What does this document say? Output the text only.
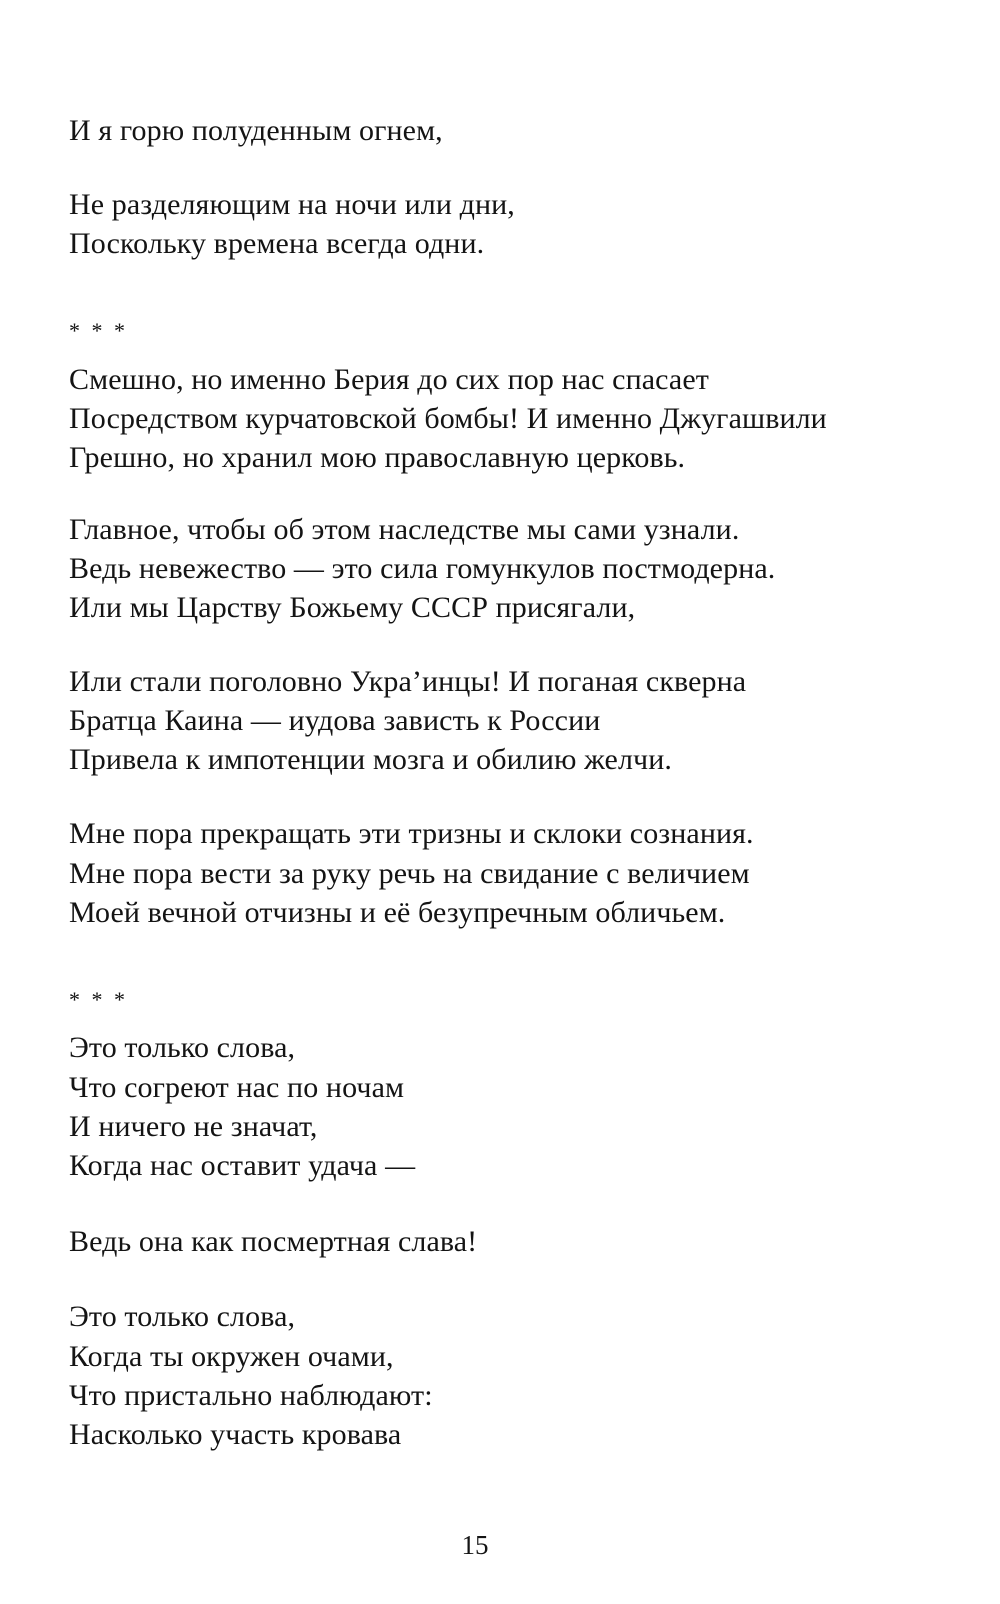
И я горю полуденным огнем,
Не разделяющим на ночи или дни,
Поскольку времена всегда одни.
* * *
Смешно, но именно Берия до сих пор нас спасает
Посредством курчатовской бомбы! И именно Джугашвили
Грешно, но хранил мою православную церковь.
Главное, чтобы об этом наследстве мы сами узнали.
Ведь невежество — это сила гомункулов постмодерна.
Или мы Царству Божьему СССР присягали,
Или стали поголовно Укра’инцы! И поганая скверна
Братца Каина — иудова зависть к России
Привела к импотенции мозга и обилию желчи.
Мне пора прекращать эти тризны и склоки сознания.
Мне пора вести за руку речь на свидание с величием
Моей вечной отчизны и её безупречным обличьем.
* * *
Это только слова,
Что согреют нас по ночам
И ничего не значат,
Когда нас оставит удача —
Ведь она как посмертная слава!
Это только слова,
Когда ты окружен очами,
Что пристально наблюдают:
Насколько участь кровава
15
